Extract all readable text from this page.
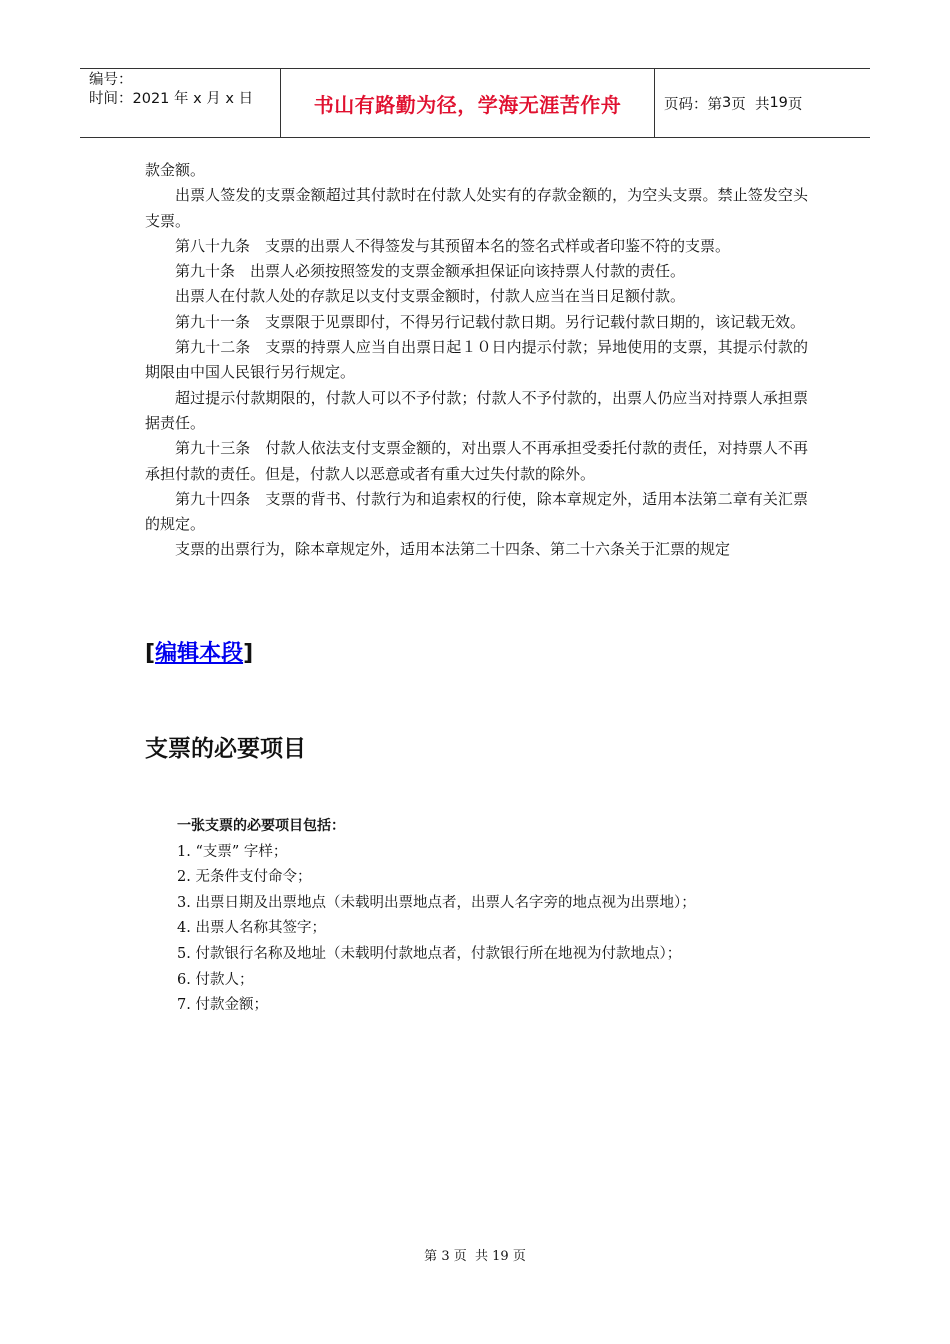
编号：
时间：2021 年 x 月 x 日	书山有路勤为径，学海无涯苦作舟	页码：第 3 页  共 19 页

款金额。

出票人签发的支票金额超过其付款时在付款人处实有的存款金额的，为空头支票。禁止签发空头支票。

第八十九条　支票的出票人不得签发与其预留本名的签名式样或者印鉴不符的支票。

第九十条　出票人必须按照签发的支票金额承担保证向该持票人付款的责任。

出票人在付款人处的存款足以支付支票金额时，付款人应当在当日足额付款。

第九十一条　支票限于见票即付，不得另行记载付款日期。另行记载付款日期的，该记载无效。

第九十二条　支票的持票人应当自出票日起１０日内提示付款；异地使用的支票，其提示付款的期限由中国人民银行另行规定。

超过提示付款期限的，付款人可以不予付款；付款人不予付款的，出票人仍应当对持票人承担票据责任。

第九十三条　付款人依法支付支票金额的，对出票人不再承担受委托付款的责任，对持票人不再承担付款的责任。但是，付款人以恶意或者有重大过失付款的除外。

第九十四条　支票的背书、付款行为和追索权的行使，除本章规定外，适用本法第二章有关汇票的规定。

支票的出票行为，除本章规定外，适用本法第二十四条、第二十六条关于汇票的规定

[编辑本段]
支票的必要项目
一张支票的必要项目包括：
1. “支票” 字样；
2. 无条件支付命令；
3. 出票日期及出票地点（未载明出票地点者，出票人名字旁的地点视为出票地）；
4. 出票人名称其签字；
5. 付款银行名称及地址（未载明付款地点者，付款银行所在地视为付款地点）；
6. 付款人；
7. 付款金额；
第 3 页  共 19 页
